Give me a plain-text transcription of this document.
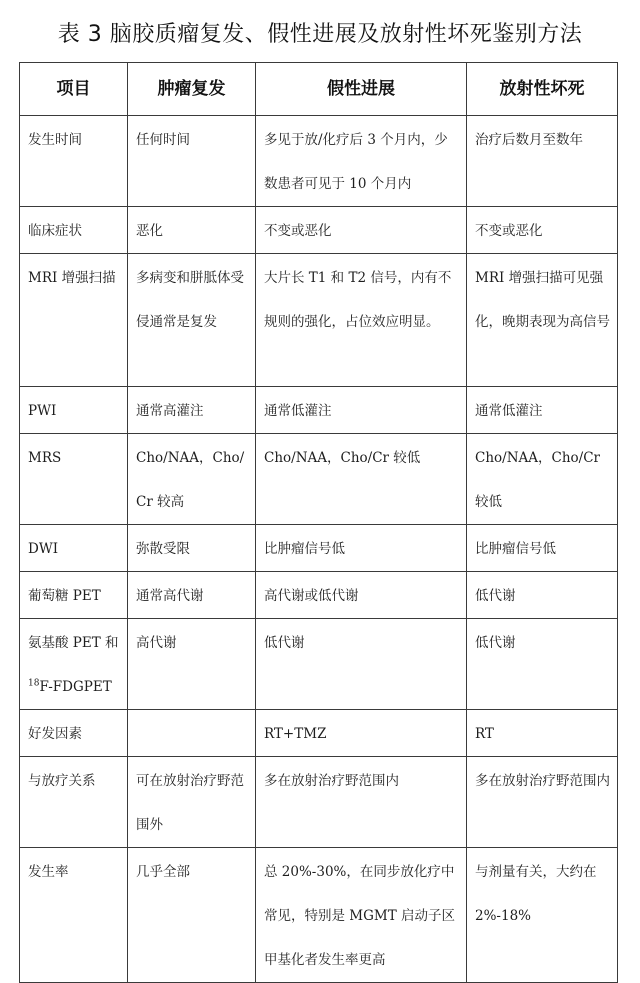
表 3 脑胶质瘤复发、假性进展及放射性坏死鉴别方法
项目	肿瘤复发	假性进展	放射性坏死
发生时间	任何时间	多见于放/化疗后 3 个月内，少数患者可见于 10 个月内	治疗后数月至数年
临床症状	恶化	不变或恶化	不变或恶化
MRI 增强扫描	多病变和胼胝体受侵通常是复发	大片长 T1 和 T2 信号，内有不规则的强化，占位效应明显。	MRI 增强扫描可见强化，晚期表现为高信号
PWI	通常高灌注	通常低灌注	通常低灌注
MRS	Cho/NAA，Cho/Cr 较高	Cho/NAA，Cho/Cr 较低	Cho/NAA，Cho/Cr 较低
DWI	弥散受限	比肿瘤信号低	比肿瘤信号低
葡萄糖 PET	通常高代谢	高代谢或低代谢	低代谢
氨基酸 PET 和 $^{18}$F-FDGPET	高代谢	低代谢	低代谢
好发因素		RT+TMZ	RT
与放疗关系	可在放射治疗野范围外	多在放射治疗野范围内	多在放射治疗野范围内
发生率	几乎全部	总 20%-30%，在同步放化疗中常见，特别是 MGMT 启动子区甲基化者发生率更高	与剂量有关，大约在 2%-18%
